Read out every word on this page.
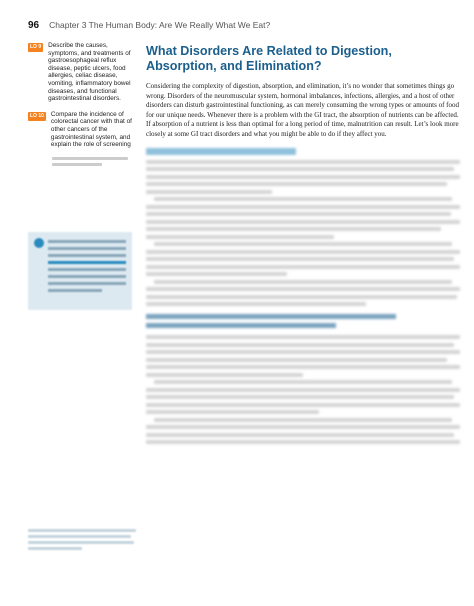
96 Chapter 3 The Human Body: Are We Really What We Eat?
LO 9	Describe the causes, symptoms, and treatments of gastroesophageal reflux disease, peptic ulcers, food allergies, celiac disease, vomiting, inflammatory bowel diseases, and functional gastrointestinal disorders.
LO 10	Compare the incidence of colorectal cancer with that of other cancers of the gastrointestinal system, and explain the role of screening
What Disorders Are Related to Digestion, Absorption, and Elimination?

Considering the complexity of digestion, absorption, and elimination, it’s no wonder that sometimes things go wrong. Disorders of the neuromuscular system, hormonal imbalances, infections, allergies, and a host of other disorders can disturb gastrointestinal functioning, as can merely consuming the wrong types or amounts of food for our unique needs. Whenever there is a problem with the GI tract, the absorption of nutrients can be affected. If absorption of a nutrient is less than optimal for a long period of time, malnutrition can result. Let’s look more closely at some GI tract disorders and what you might be able to do if they affect you.
